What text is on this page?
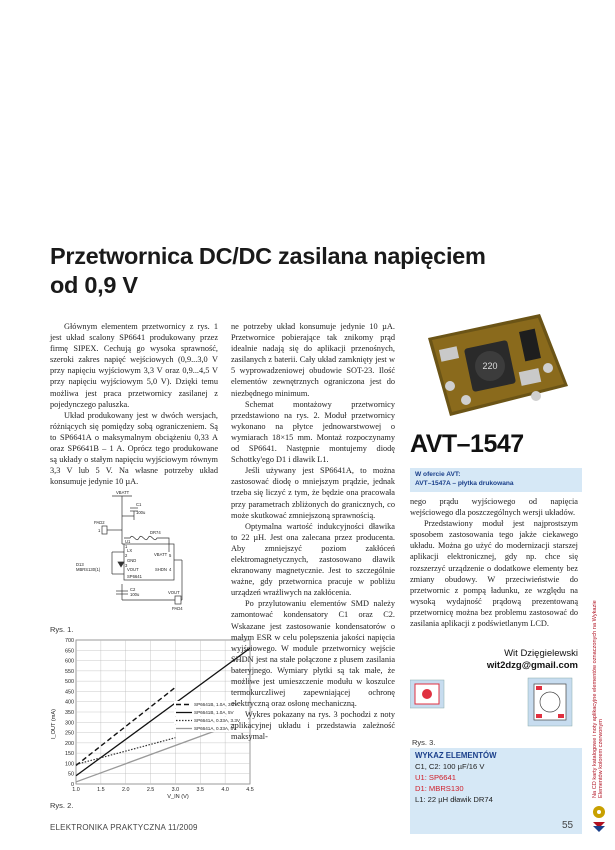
Przetwornica DC/DC zasilana napięciem
od 0,9 V

Głównym elementem przetwornicy z rys. 1 jest układ scalony SP6641 produkowany przez firmę SIPEX. Cechują go wysoka sprawność, szeroki zakres napięć wejściowych (0,9...3,0 V przy napięciu wyjściowym 3,3 V oraz 0,9...4,5 V przy napięciu wyjściowym 5,0 V). Dzięki temu możliwa jest praca przetwornicy zasilanej z pojedynczego paluszka.

Układ produkowany jest w dwóch wersjach, różniących się pomiędzy sobą ograniczeniem. Są to SP6641A o maksymalnym obciążeniu 0,33 A oraz SP6641B – 1 A. Oprócz tego produkowane są układy o stałym napięciu wyjściowym równym 3,3 V lub 5 V. Na własne potrzeby układ konsumuje jedynie 10 µA.

VBATT
C1
100u
PAD2
1
U1
DR74
LX
VBATT
GND
VOUT	SHDN
SP6641
D13
MBRS130(1)
C2
100u	VOUT
PAD4
1
2
3
5
4
Rys. 1.
0
50
100
150
200
250
300
350
400
450
500
550
600
650
700
1.0	1.5	2.0	2.5	3.0	3.5	4.0	4.5
SP6641B, 1.0A, 3.3V
SP6641B, 1.0A, 5V
SP6641A, 0.33A, 3.3V
SP6641A, 0.33A, 5V
I_OUT (mA)
V_IN (V)
Rys. 2.

ne potrzeby układ konsumuje jedynie 10 µA. Przetwornice pobierające tak znikomy prąd idealnie nadają się do aplikacji przenośnych, zasilanych z baterii. Cały układ zamknięty jest w 5 wyprowadzeniowej obudowie SOT-23. Ilość elementów zewnętrznych ograniczona jest do niezbędnego minimum.

Schemat montażowy przetwornicy przedstawiono na rys. 2. Moduł przetwornicy wykonano na płytce jednowarstwowej o wymiarach 18×15 mm. Montaż rozpoczynamy od SP6641. Następnie montujemy diodę Schottky'ego D1 i dławik L1.

Jeśli używany jest SP6641A, to można zastosować diodę o mniejszym prądzie, jednak trzeba się liczyć z tym, że będzie ona pracowała przy parametrach zbliżonych do granicznych, co może skutkować zmniejszoną sprawnością.

Optymalna wartość indukcyjności dławika to 22 µH. Jest ona zalecana przez producenta. Aby zmniejszyć poziom zakłóceń elektromagnetycznych, zastosowano dławik ekranowany magnetycznie. Jest to szczególnie ważne, gdy przetwornica pracuje w pobliżu urządzeń wrażliwych na zakłócenia.

Po przylutowaniu elementów SMD należy zamontować kondensatory C1 oraz C2. Wskazane jest zastosowanie kondensatorów o małym ESR w celu polepszenia jakości napięcia wyjściowego. W module przetwornicy wejście SHDN jest na stałe połączone z plusem zasilania bateryjnego. Wymiary płytki są tak małe, że możliwe jest umieszczenie modułu w koszulce termokurczliwej zapewniającej ochronę elektryczną oraz osłonę mechaniczną.

Wykres pokazany na rys. 3 pochodzi z noty aplikacyjnej układu i przedstawia zależność maksymal-

220
AVT–1547
W ofercie AVT:
AVT–1547A – płytka drukowana

nego prądu wyjściowego od napięcia wejściowego dla poszczególnych wersji układów.

Przedstawiony moduł jest najprostszym sposobem zastosowania tego jakże ciekawego układu. Można go użyć do modernizacji starszej aplikacji elektronicznej, gdy np. chce się rozszerzyć urządzenie o dodatkowe elementy bez zmiany obudowy. W przeciwieństwie do przetwornic z pompą ładunku, ze względu na wysoką wydajność prądową prezentowaną przetwornicę można bez problemu zastosować do zasilania aplikacji z podświetlanym LCD.

Wit Dzięgielewski
wit2dzg@gmail.com
Rys. 3.
WYKAZ ELEMENTÓW
C1, C2: 100 µF/16 V
U1: SP6641
D1: MBRS130
L1: 22 µH dławik DR74
Na CD karty katalogowe i noty aplikacyjne elementów oznaczonych na Wykazie Elementów kolorem czerwonym
ELEKTRONIKA PRAKTYCZNA 11/2009	55
